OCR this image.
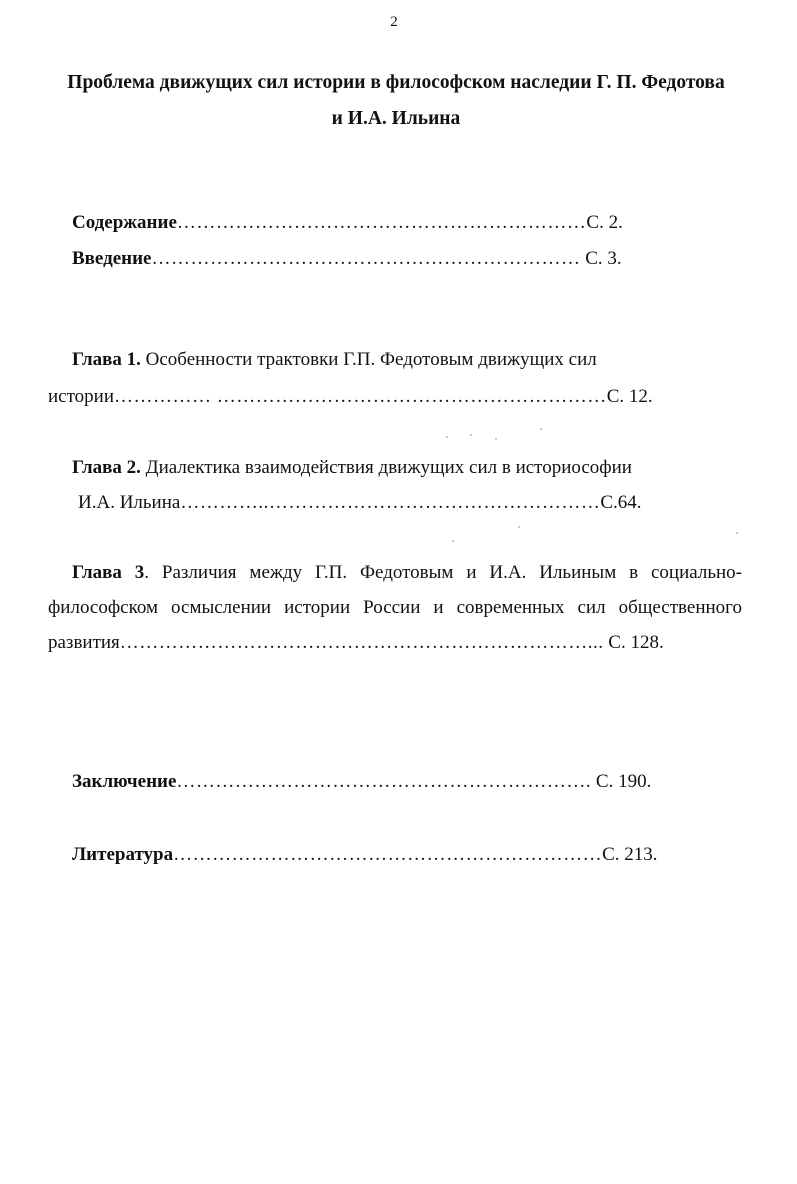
2
Проблема движущих сил истории в философском наследии Г. П. Федотова
и И.А. Ильина
Содержание………………………………………………………С. 2.
Введение………………………………………………………… С. 3.
Глава 1. Особенности трактовки Г.П. Федотовым движущих сил
истории…………… ……………………………………………………С. 12.
Глава 2. Диалектика взаимодействия движущих сил в историософии
И.А. Ильина…………..……………………………………………С.64.
Глава 3. Различия между Г.П. Федотовым и И.А. Ильиным в социально-
философском осмыслении истории России и современных сил общественного
развития………………………………………………………………... С. 128.
Заключение………………………………………………………. С. 190.
Литература…………………………………………………………С. 213.
